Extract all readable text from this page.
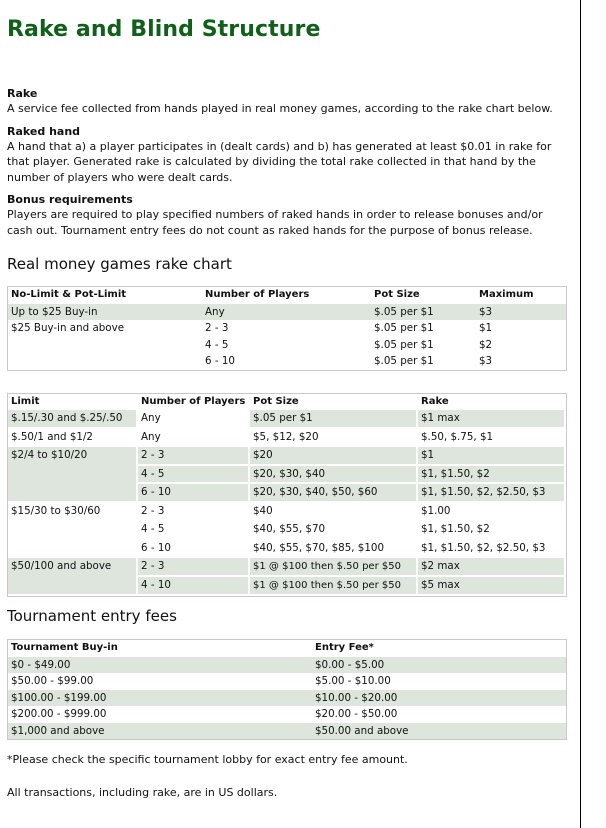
Rake and Blind Structure

Rake

A service fee collected from hands played in real money games, according to the rake chart below.

Raked hand

A hand that a) a player participates in (dealt cards) and b) has generated at least $0.01 in rake for that player. Generated rake is calculated by dividing the total rake collected in that hand by the number of players who were dealt cards.

Bonus requirements

Players are required to play specified numbers of raked hands in order to release bonuses and/or cash out. Tournament entry fees do not count as raked hands for the purpose of bonus release.

Real money games rake chart
No-Limit & Pot-Limit	Number of Players	Pot Size	Maximum
Up to $25 Buy-in	Any	$.05 per $1	$3
$25 Buy-in and above	2 - 3	$.05 per $1	$1
	4 - 5	$.05 per $1	$2
	6 - 10	$.05 per $1	$3
Limit	Number of Players	Pot Size	Rake
$.15/.30 and $.25/.50	Any	$.05 per $1	$1 max
$.50/1 and $1/2	Any	$5, $12, $20	$.50, $.75, $1
$2/4 to $10/20	2 - 3	$20	$1
	4 - 5	$20, $30, $40	$1, $1.50, $2
	6 - 10	$20, $30, $40, $50, $60	$1, $1.50, $2, $2.50, $3
$15/30 to $30/60	2 - 3	$40	$1.00
	4 - 5	$40, $55, $70	$1, $1.50, $2
	6 - 10	$40, $55, $70, $85, $100	$1, $1.50, $2, $2.50, $3
$50/100 and above	2 - 3	$1 @ $100 then $.50 per $50	$2 max
	4 - 10	$1 @ $100 then $.50 per $50	$5 max
Tournament entry fees
Tournament Buy-in	Entry Fee*
$0 - $49.00	$0.00 - $5.00
$50.00 - $99.00	$5.00 - $10.00
$100.00 - $199.00	$10.00 - $20.00
$200.00 - $999.00	$20.00 - $50.00
$1,000 and above	$50.00 and above

*Please check the specific tournament lobby for exact entry fee amount.

All transactions, including rake, are in US dollars.
